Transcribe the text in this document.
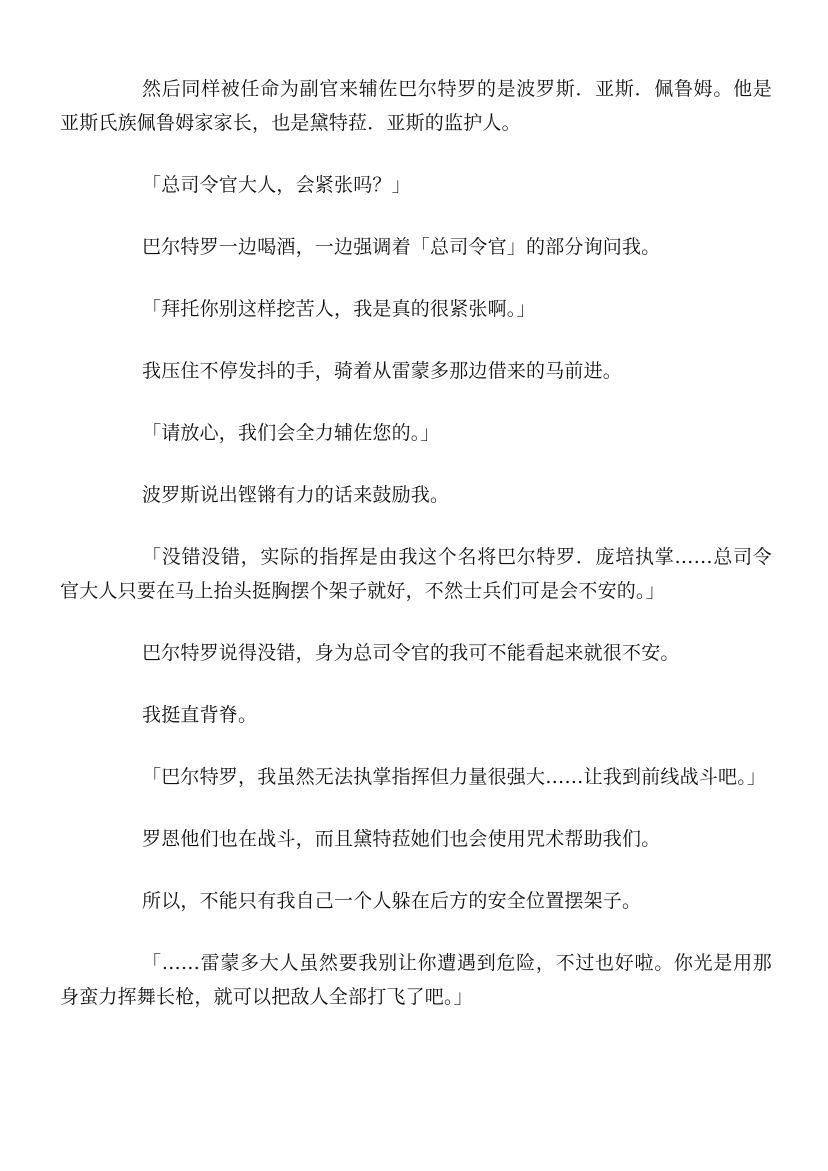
然后同样被任命为副官来辅佐巴尔特罗的是波罗斯．亚斯．佩鲁姆。他是亚斯氏族佩鲁姆家家长，也是黛特菈．亚斯的监护人。

「总司令官大人，会紧张吗？」

巴尔特罗一边喝酒，一边强调着「总司令官」的部分询问我。

「拜托你别这样挖苦人，我是真的很紧张啊。」

我压住不停发抖的手，骑着从雷蒙多那边借来的马前进。

「请放心，我们会全力辅佐您的。」

波罗斯说出铿锵有力的话来鼓励我。

「没错没错，实际的指挥是由我这个名将巴尔特罗．庞培执掌……总司令官大人只要在马上抬头挺胸摆个架子就好，不然士兵们可是会不安的。」

巴尔特罗说得没错，身为总司令官的我可不能看起来就很不安。

我挺直背脊。

「巴尔特罗，我虽然无法执掌指挥但力量很强大……让我到前线战斗吧。」

罗恩他们也在战斗，而且黛特菈她们也会使用咒术帮助我们。

所以，不能只有我自己一个人躲在后方的安全位置摆架子。

「……雷蒙多大人虽然要我别让你遭遇到危险，不过也好啦。你光是用那身蛮力挥舞长枪，就可以把敌人全部打飞了吧。」
